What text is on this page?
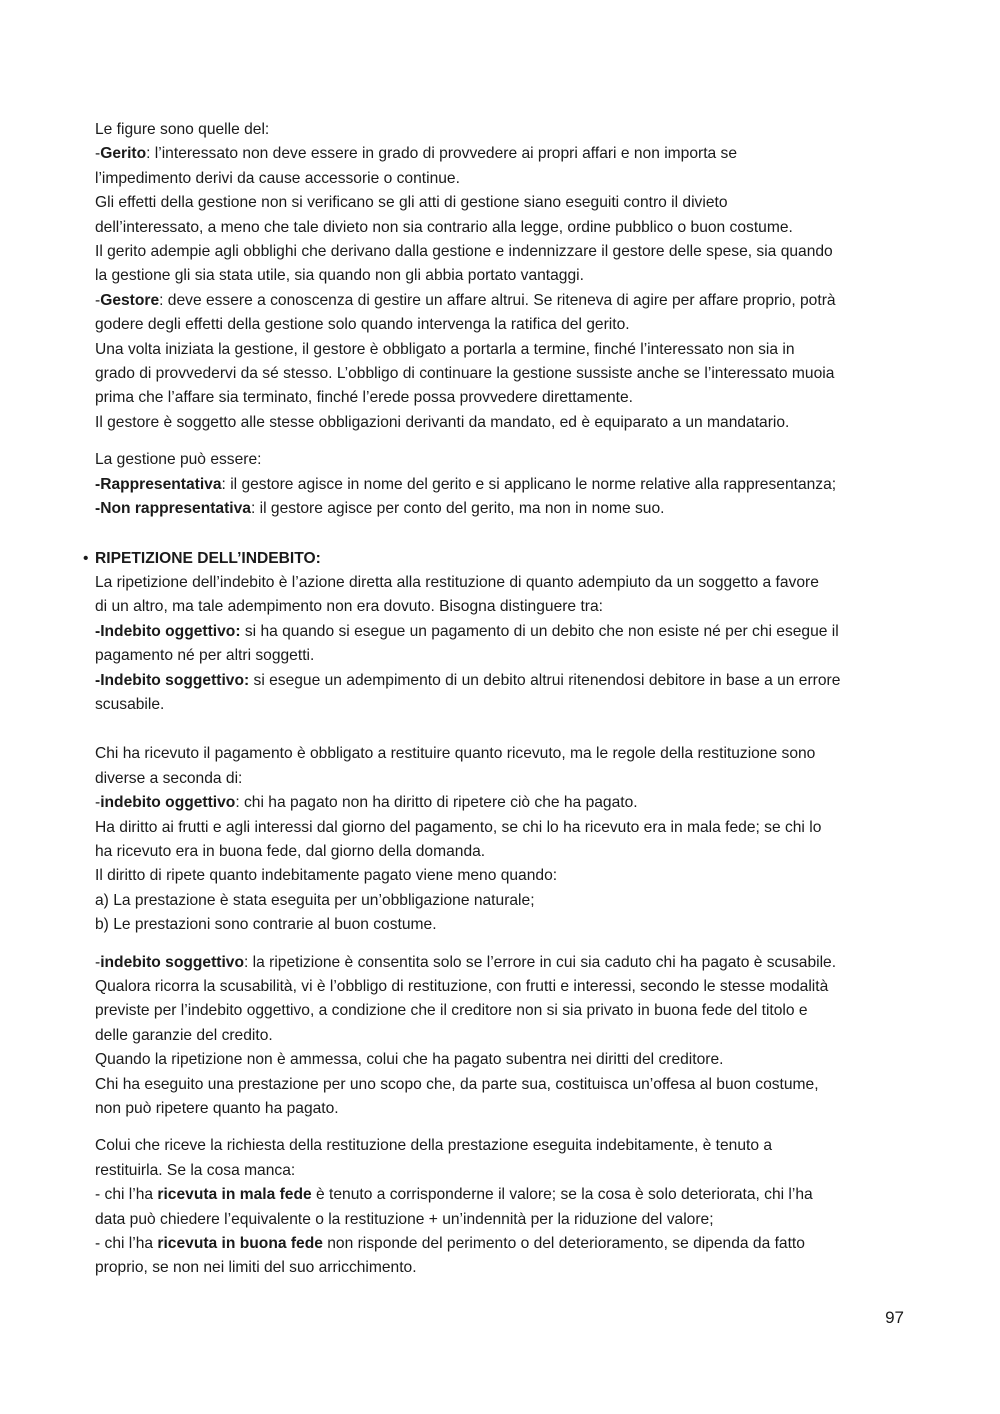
Le figure sono quelle del:

-Gerito: l’interessato non deve essere in grado di provvedere ai propri affari e non importa se

l’impedimento derivi da cause accessorie o continue.

Gli effetti della gestione non si verificano se gli atti di gestione siano eseguiti contro il divieto

dell’interessato, a meno che tale divieto non sia contrario alla legge, ordine pubblico o buon costume.

Il gerito adempie agli obblighi che derivano dalla gestione e indennizzare il gestore delle spese, sia quando

la gestione gli sia stata utile, sia quando non gli abbia portato vantaggi.

-Gestore: deve essere a conoscenza di gestire un affare altrui. Se riteneva di agire per affare proprio, potrà

godere degli effetti della gestione solo quando intervenga la ratifica del gerito.

Una volta iniziata la gestione, il gestore è obbligato a portarla a termine, finché l’interessato non sia in

grado di provvedervi da sé stesso. L’obbligo di continuare la gestione sussiste anche se l’interessato muoia

prima che l’affare sia terminato, finché l’erede possa provvedere direttamente.

Il gestore è soggetto alle stesse obbligazioni derivanti da mandato, ed è equiparato a un mandatario.

La gestione può essere:

-Rappresentativa: il gestore agisce in nome del gerito e si applicano le norme relative alla rappresentanza;

-Non rappresentativa: il gestore agisce per conto del gerito, ma non in nome suo.

• RIPETIZIONE DELL’INDEBITO:

La ripetizione dell’indebito è l’azione diretta alla restituzione di quanto adempiuto da un soggetto a favore

di un altro, ma tale adempimento non era dovuto. Bisogna distinguere tra:

-Indebito oggettivo: si ha quando si esegue un pagamento di un debito che non esiste né per chi esegue il

pagamento né per altri soggetti.

-Indebito soggettivo: si esegue un adempimento di un debito altrui ritenendosi debitore in base a un errore

scusabile.

Chi ha ricevuto il pagamento è obbligato a restituire quanto ricevuto, ma le regole della restituzione sono

diverse a seconda di:

-indebito oggettivo: chi ha pagato non ha diritto di ripetere ciò che ha pagato.

Ha diritto ai frutti e agli interessi dal giorno del pagamento, se chi lo ha ricevuto era in mala fede; se chi lo

ha ricevuto era in buona fede, dal giorno della domanda.

Il diritto di ripete quanto indebitamente pagato viene meno quando:

a) La prestazione è stata eseguita per un’obbligazione naturale;

b) Le prestazioni sono contrarie al buon costume.

-indebito soggettivo: la ripetizione è consentita solo se l’errore in cui sia caduto chi ha pagato è scusabile.

Qualora ricorra la scusabilità, vi è l’obbligo di restituzione, con frutti e interessi, secondo le stesse modalità

previste per l’indebito oggettivo, a condizione che il creditore non si sia privato in buona fede del titolo e

delle garanzie del credito.

Quando la ripetizione non è ammessa, colui che ha pagato subentra nei diritti del creditore.

Chi ha eseguito una prestazione per uno scopo che, da parte sua, costituisca un’offesa al buon costume,

non può ripetere quanto ha pagato.

Colui che riceve la richiesta della restituzione della prestazione eseguita indebitamente, è tenuto a

restituirla. Se la cosa manca:

- chi l’ha ricevuta in mala fede è tenuto a corrisponderne il valore; se la cosa è solo deteriorata, chi l’ha

data può chiedere l’equivalente o la restituzione + un’indennità per la riduzione del valore;

- chi l’ha ricevuta in buona fede non risponde del perimento o del deterioramento, se dipenda da fatto

proprio, se non nei limiti del suo arricchimento.

97
